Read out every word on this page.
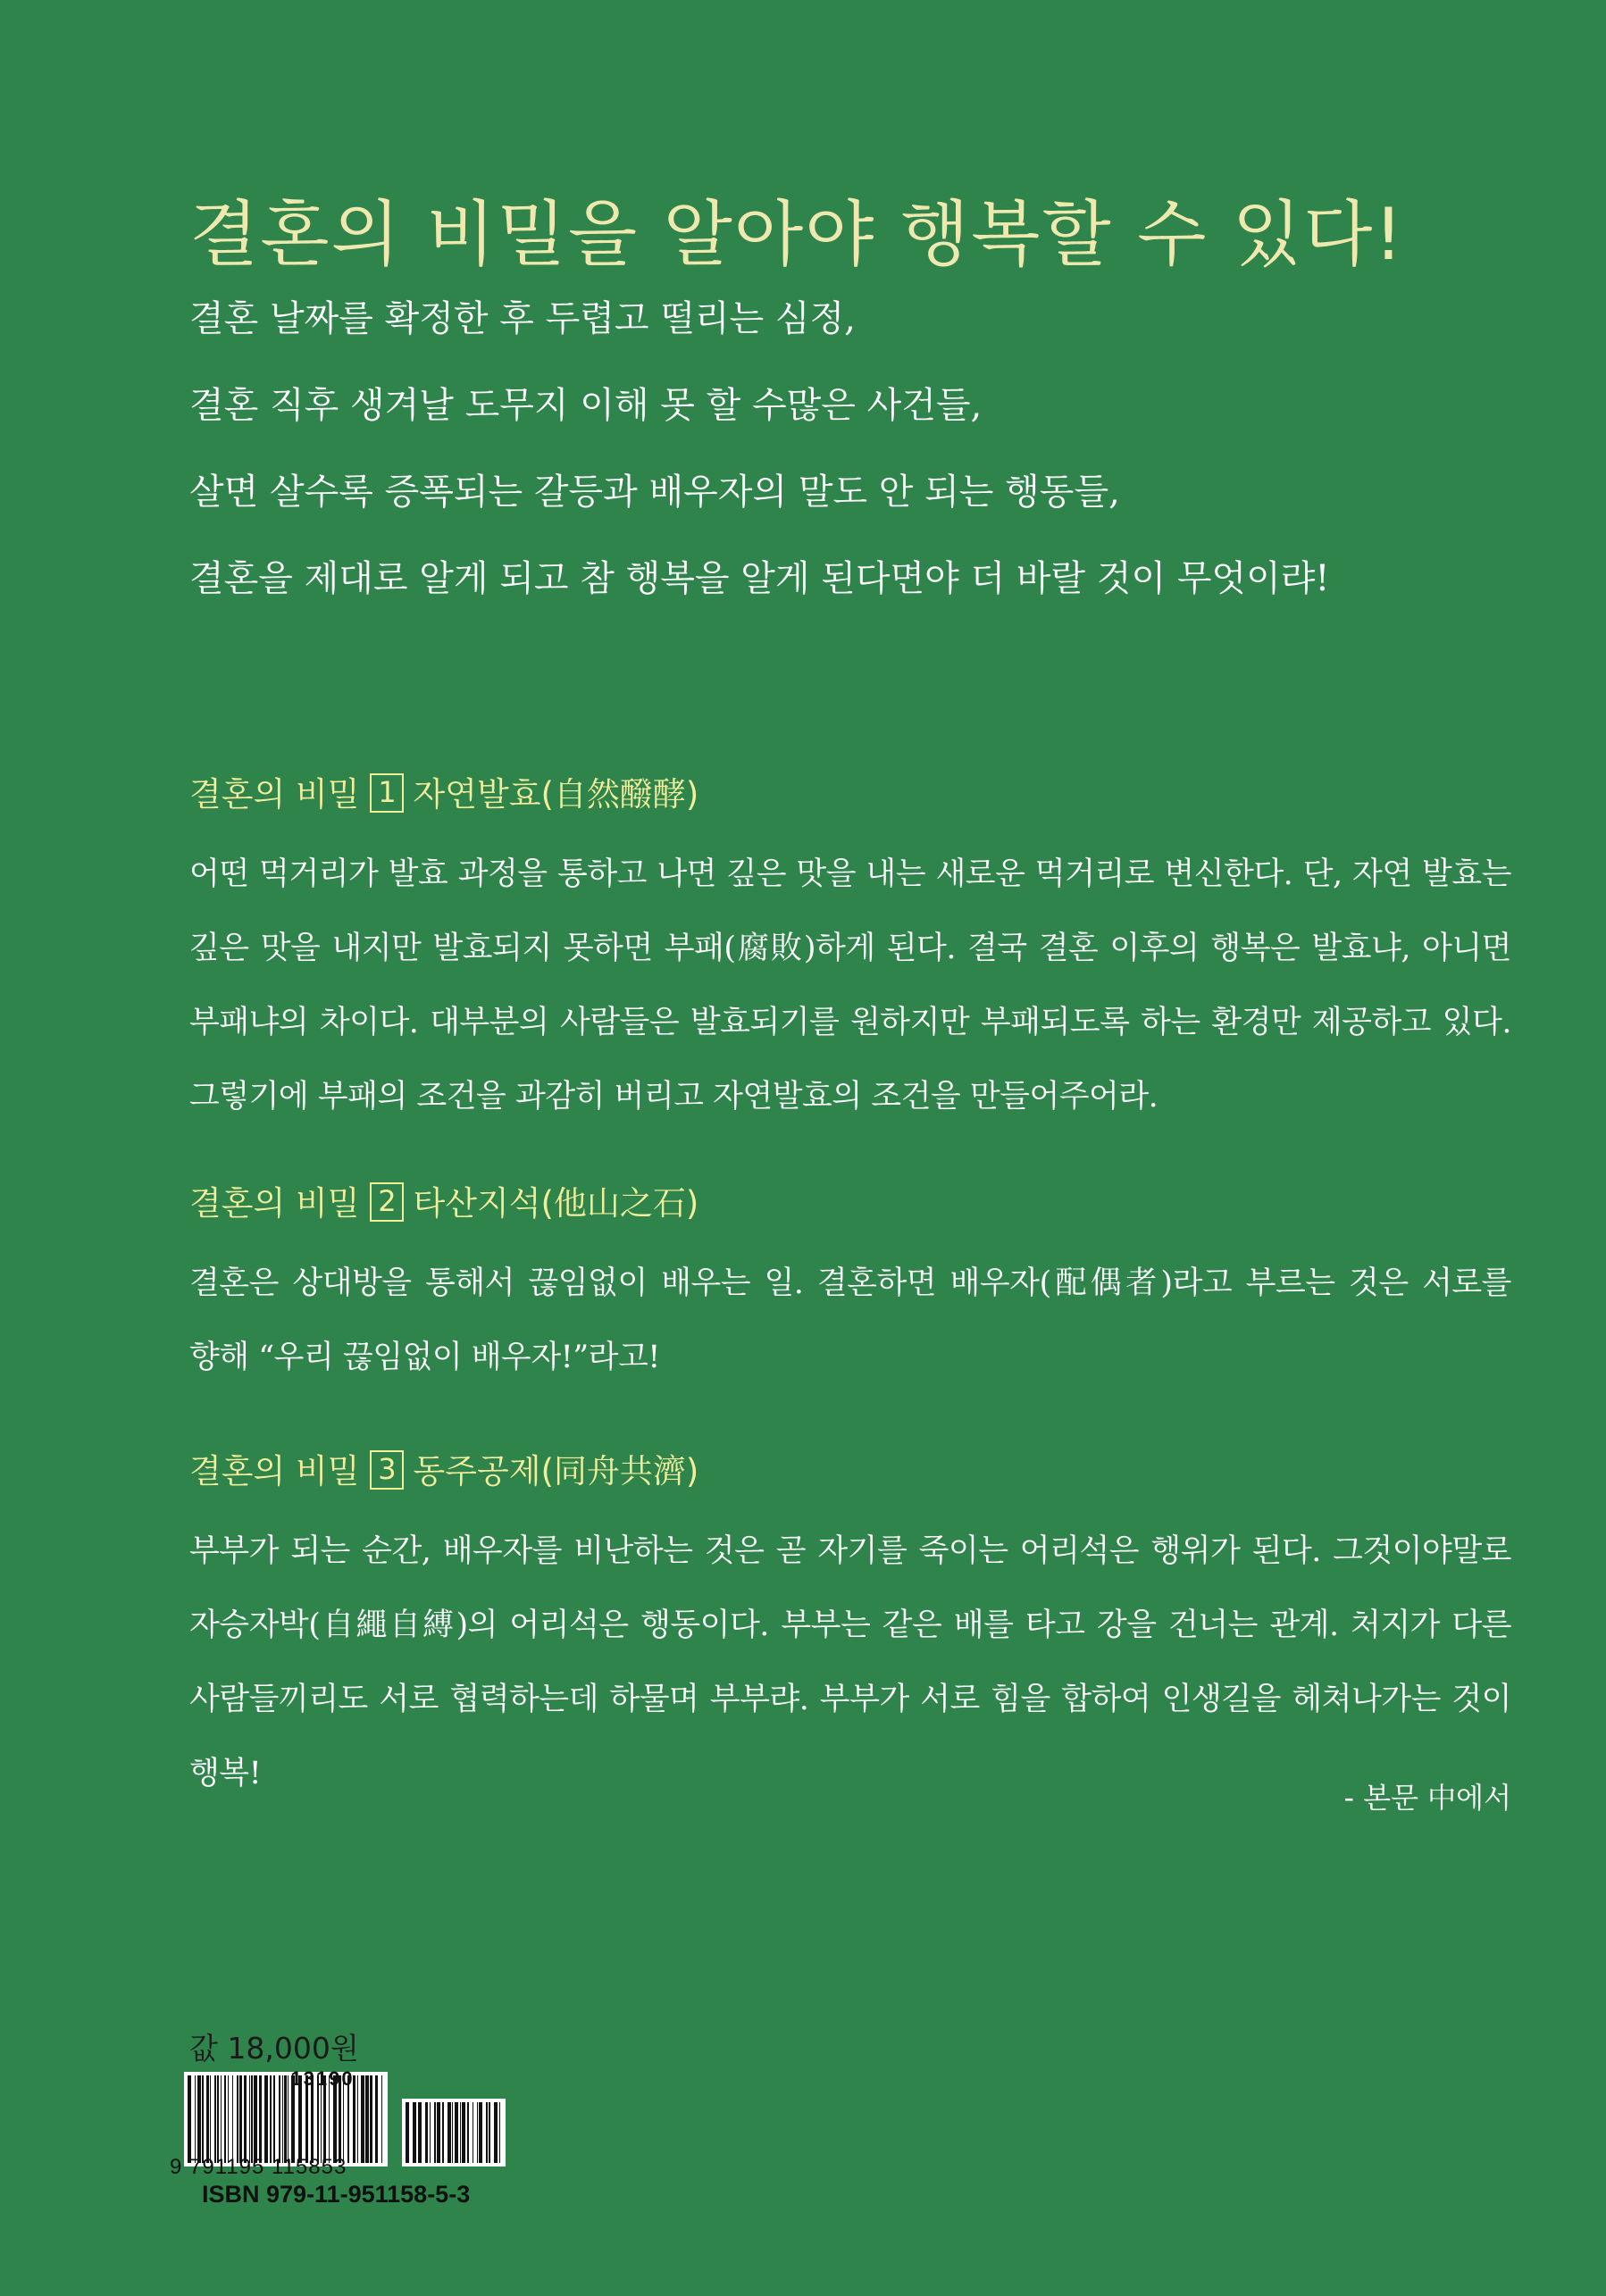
결혼의 비밀을 알아야 행복할 수 있다!
결혼 날짜를 확정한 후 두렵고 떨리는 심정,
결혼 직후 생겨날 도무지 이해 못 할 수많은 사건들,
살면 살수록 증폭되는 갈등과 배우자의 말도 안 되는 행동들,
결혼을 제대로 알게 되고 참 행복을 알게 된다면야 더 바랄 것이 무엇이랴!
결혼의 비밀 1 자연발효(自然醱酵)
어떤 먹거리가 발효 과정을 통하고 나면 깊은 맛을 내는 새로운 먹거리로 변신한다. 단, 자연 발효는 깊은 맛을 내지만 발효되지 못하면 부패(腐敗)하게 된다. 결국 결혼 이후의 행복은 발효냐, 아니면 부패냐의 차이다. 대부분의 사람들은 발효되기를 원하지만 부패되도록 하는 환경만 제공하고 있다. 그렇기에 부패의 조건을 과감히 버리고 자연발효의 조건을 만들어주어라.
결혼의 비밀 2 타산지석(他山之石)
결혼은 상대방을 통해서 끊임없이 배우는 일. 결혼하면 배우자(配偶者)라고 부르는 것은 서로를 향해 “우리 끊임없이 배우자!”라고!
결혼의 비밀 3 동주공제(同舟共濟)
부부가 되는 순간, 배우자를 비난하는 것은 곧 자기를 죽이는 어리석은 행위가 된다. 그것이야말로 자승자박(自繩自縛)의 어리석은 행동이다. 부부는 같은 배를 타고 강을 건너는 관계. 처지가 다른 사람들끼리도 서로 협력하는데 하물며 부부랴. 부부가 서로 힘을 합하여 인생길을 헤쳐나가는 것이 행복!
- 본문 中에서
값 18,000원
13190
9 791195 115853
ISBN 979-11-951158-5-3
